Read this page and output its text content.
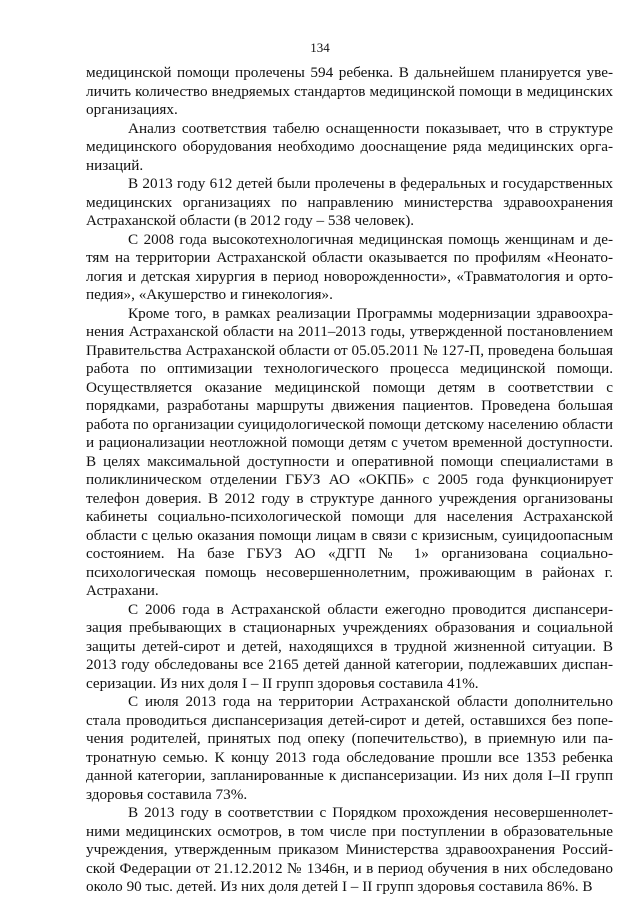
134

медицинской помощи пролечены 594 ребенка. В дальнейшем планируется увеличить количество внедряемых стандартов медицинской помощи в медицинских организациях.

Анализ соответствия табелю оснащенности показывает, что в структуре медицинского оборудования необходимо дооснащение ряда медицинских организаций.

В 2013 году 612 детей были пролечены в федеральных и государственных медицинских организациях по направлению министерства здравоохранения Астраханской области (в 2012 году – 538 человек).

С 2008 года высокотехнологичная медицинская помощь женщинам и детям на территории Астраханской области оказывается по профилям «Неонатология и детская хирургия в период новорожденности», «Травматология и ортопедия», «Акушерство и гинекология».

Кроме того, в рамках реализации Программы модернизации здравоохранения Астраханской области на 2011–2013 годы, утвержденной постановлением Правительства Астраханской области от 05.05.2011 № 127-П, проведена большая работа по оптимизации технологического процесса медицинской помощи. Осуществляется оказание медицинской помощи детям в соответствии с порядками, разработаны маршруты движения пациентов. Проведена большая работа по организации суицидологической помощи детскому населению области и рационализации неотложной помощи детям с учетом временной доступности. В целях максимальной доступности и оперативной помощи специалистами в поликлиническом отделении ГБУЗ АО «ОКПБ» с 2005 года функционирует телефон доверия. В 2012 году в структуре данного учреждения организованы кабинеты социально-психологической помощи для населения Астраханской области с целью оказания помощи лицам в связи с кризисным, суицидоопасным состоянием. На базе ГБУЗ АО «ДГП № 1» организована социально-психологическая помощь несовершеннолетним, проживающим в районах г. Астрахани.

С 2006 года в Астраханской области ежегодно проводится диспансеризация пребывающих в стационарных учреждениях образования и социальной защиты детей-сирот и детей, находящихся в трудной жизненной ситуации. В 2013 году обследованы все 2165 детей данной категории, подлежавших диспансеризации. Из них доля I – II групп здоровья составила 41%.

С июля 2013 года на территории Астраханской области дополнительно стала проводиться диспансеризация детей-сирот и детей, оставшихся без попечения родителей, принятых под опеку (попечительство), в приемную или патронатную семью. К концу 2013 года обследование прошли все 1353 ребенка данной категории, запланированные к диспансеризации. Из них доля I–II групп здоровья составила 73%.

В 2013 году в соответствии с Порядком прохождения несовершеннолетними медицинских осмотров, в том числе при поступлении в образовательные учреждения, утвержденным приказом Министерства здравоохранения Российской Федерации от 21.12.2012 № 1346н, и в период обучения в них обследовано около 90 тыс. детей. Из них доля детей I – II групп здоровья составила 86%. В
